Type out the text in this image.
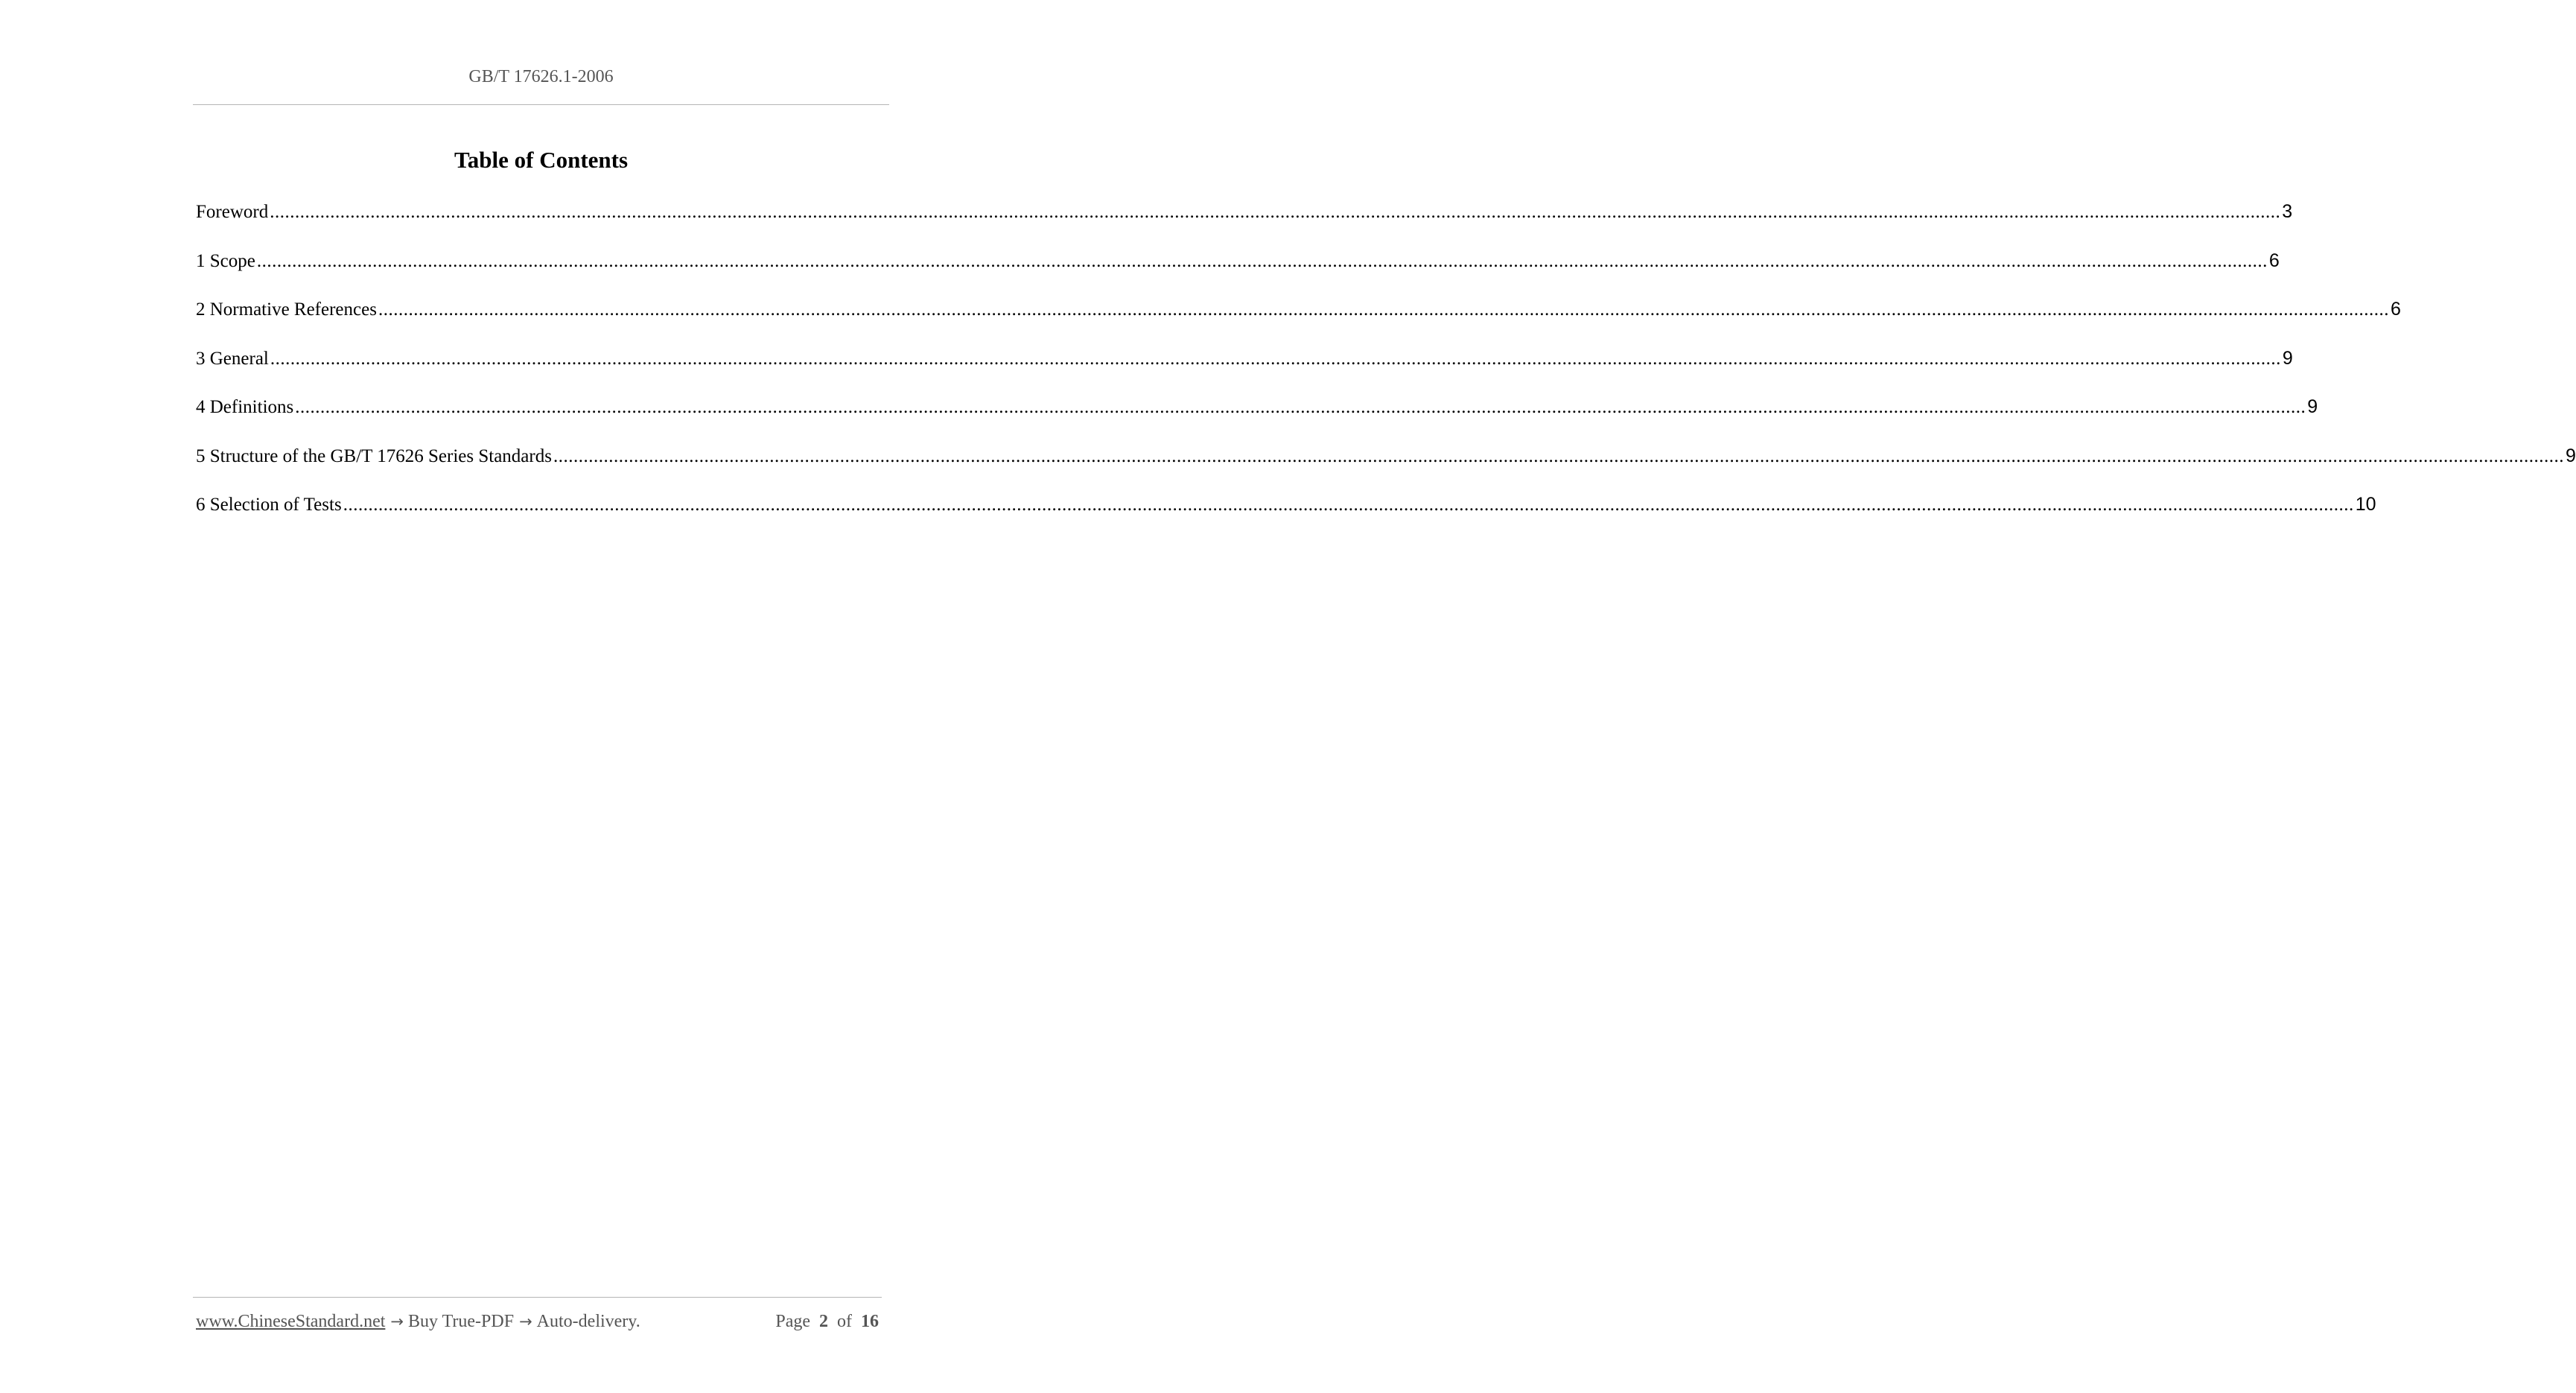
GB/T 17626.1-2006
Table of Contents
Foreword ................................................................................................................................................................................................................................................................................................................................................................................................................ 3
1 Scope ................................................................................................................................................................................................................................................................................................................................................................................................................ 6
2 Normative References ................................................................................................................................................................................................................................................................................................................................................................................................................ 6
3 General ................................................................................................................................................................................................................................................................................................................................................................................................................ 9
4 Definitions ................................................................................................................................................................................................................................................................................................................................................................................................................ 9
5 Structure of the GB/T 17626 Series Standards ................................................................................................................................................................................................................................................................................................................................................................................................................ 9
6 Selection of Tests ................................................................................................................................................................................................................................................................................................................................................................................................................ 10
www.ChineseStandard.net → Buy True-PDF → Auto-delivery.	Page 2 of 16
